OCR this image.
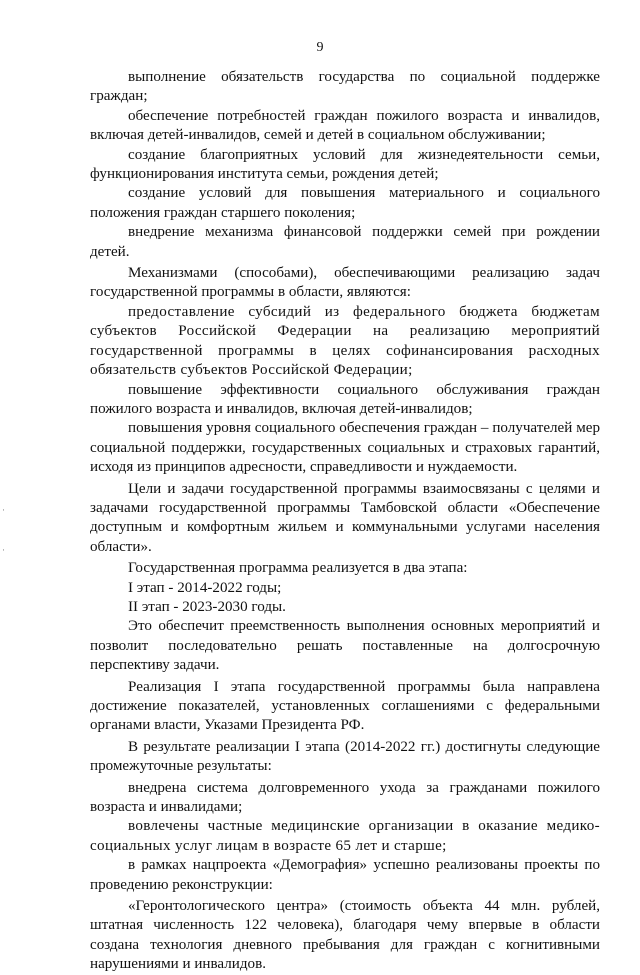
9
·
·

выполнение обязательств государства по социальной поддержке граждан;

обеспечение потребностей граждан пожилого возраста и инвалидов, включая детей-инвалидов, семей и детей в социальном обслуживании;

создание благоприятных условий для жизнедеятельности семьи, функционирования института семьи, рождения детей;

создание условий для повышения материального и социального положения граждан старшего поколения;

внедрение механизма финансовой поддержки семей при рождении детей.

Механизмами (способами), обеспечивающими реализацию задач государственной программы в области, являются:

предоставление субсидий из федерального бюджета бюджетам субъектов Российской Федерации на реализацию мероприятий государственной программы в целях софинансирования расходных обязательств субъектов Российской Федерации;

повышение эффективности социального обслуживания граждан пожилого возраста и инвалидов, включая детей-инвалидов;

повышения уровня социального обеспечения граждан – получателей мер социальной поддержки, государственных социальных и страховых гарантий, исходя из принципов адресности, справедливости и нуждаемости.

Цели и задачи государственной программы взаимосвязаны с целями и задачами государственной программы Тамбовской области «Обеспечение доступным и комфортным жильем и коммунальными услугами населения области».

Государственная программа реализуется в два этапа:

I этап - 2014-2022 годы;

II этап - 2023-2030 годы.

Это обеспечит преемственность выполнения основных мероприятий и позволит последовательно решать поставленные на долгосрочную перспективу задачи.

Реализация I этапа государственной программы была направлена достижение показателей, установленных соглашениями с федеральными органами власти, Указами Президента РФ.

В результате реализации I этапа (2014-2022 гг.) достигнуты следующие промежуточные результаты:

внедрена система долговременного ухода за гражданами пожилого возраста и инвалидами;

вовлечены частные медицинские организации в оказание медико-социальных услуг лицам в возрасте 65 лет и старше;

в рамках нацпроекта «Демография» успешно реализованы проекты по проведению реконструкции:

«Геронтологического центра» (стоимость объекта 44 млн. рублей, штатная численность 122 человека), благодаря чему впервые в области создана технология дневного пребывания для граждан с когнитивными нарушениями и инвалидов.
